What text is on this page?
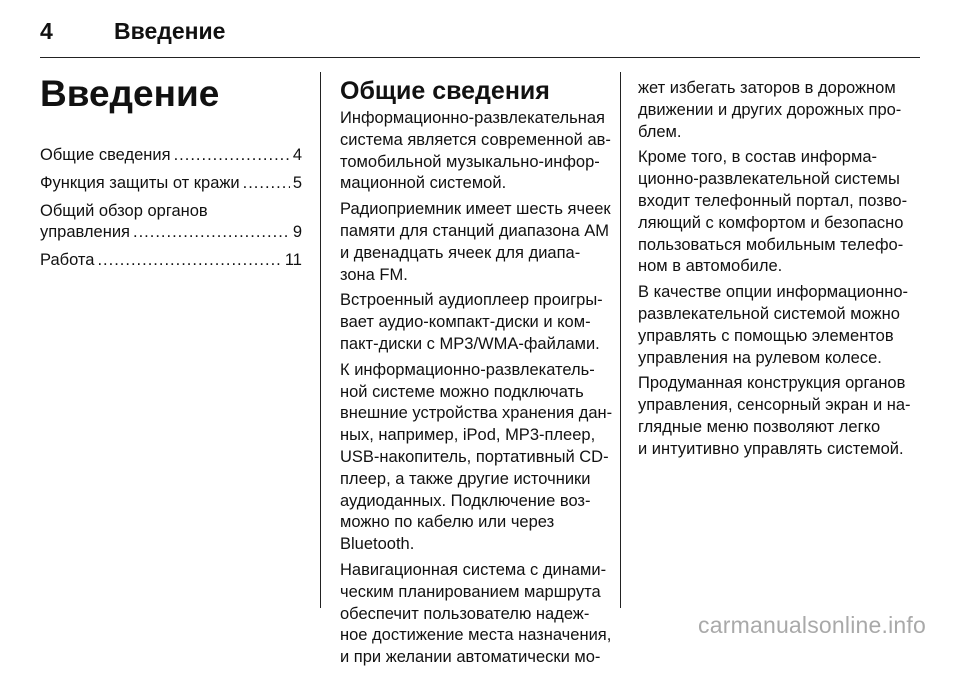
4	Введение
Введение
Общие сведения .....	4
Функция защиты от кражи .....	5
Общий обзор органов
управления .....	9
Работа .....	11
Общие сведения

Информационно-развлекательная
система является современной ав-
томобильной музыкально-инфор-
мационной системой.

Радиоприемник имеет шесть ячеек
памяти для станций диапазона AM
и двенадцать ячеек для диапа-
зона FM.

Встроенный аудиоплеер проигры-
вает аудио-компакт-диски и ком-
пакт-диски с MP3/WMA-файлами.

К информационно-развлекатель-
ной системе можно подключать
внешние устройства хранения дан-
ных, например, iPod, MP3-плеер,
USB-накопитель, портативный CD-
плеер, а также другие источники
аудиоданных. Подключение воз-
можно по кабелю или через
Bluetooth.

Навигационная система с динами-
ческим планированием маршрута
обеспечит пользователю надеж-
ное достижение места назначения,
и при желании автоматически мо-

жет избегать заторов в дорожном
движении и других дорожных про-
блем.

Кроме того, в состав информа-
ционно-развлекательной системы
входит телефонный портал, позво-
ляющий с комфортом и безопасно
пользоваться мобильным телефо-
ном в автомобиле.

В качестве опции информационно-
развлекательной системой можно
управлять с помощью элементов
управления на рулевом колесе.

Продуманная конструкция органов
управления, сенсорный экран и на-
глядные меню позволяют легко
и интуитивно управлять системой.

carmanualsonline.info
